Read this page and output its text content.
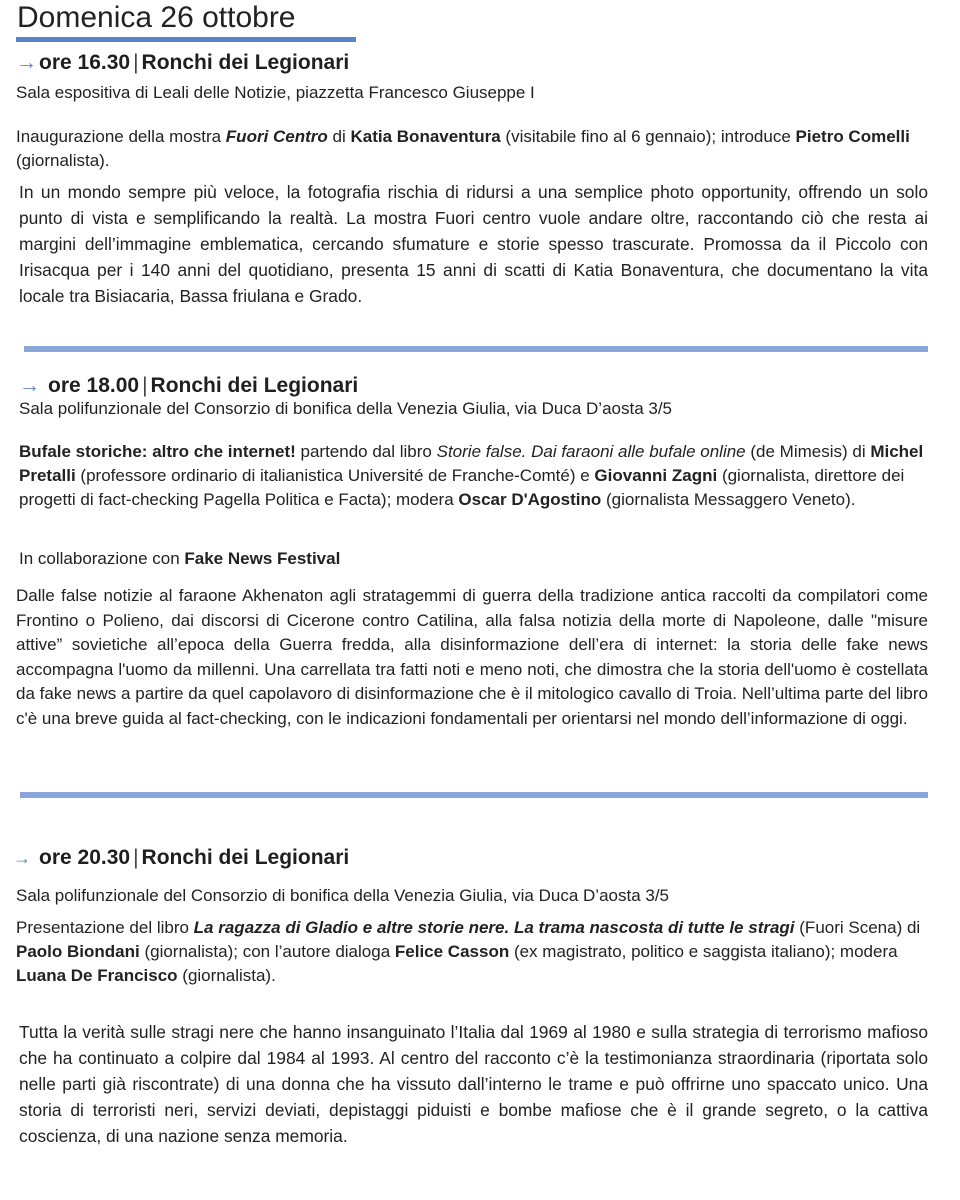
Domenica 26 ottobre
→ore 16.30 | Ronchi dei Legionari
Sala espositiva di Leali delle Notizie, piazzetta Francesco Giuseppe I
Inaugurazione della mostra Fuori Centro di Katia Bonaventura (visitabile fino al 6 gennaio); introduce Pietro Comelli (giornalista).
In un mondo sempre più veloce, la fotografia rischia di ridursi a una semplice photo opportunity, offrendo un solo punto di vista e semplificando la realtà. La mostra Fuori centro vuole andare oltre, raccontando ciò che resta ai margini dell’immagine emblematica, cercando sfumature e storie spesso trascurate. Promossa da il Piccolo con Irisacqua per i 140 anni del quotidiano, presenta 15 anni di scatti di Katia Bonaventura, che documentano la vita locale tra Bisiacaria, Bassa friulana e Grado.
→ ore 18.00 | Ronchi dei Legionari
Sala polifunzionale del Consorzio di bonifica della Venezia Giulia, via Duca D’aosta 3/5
Bufale storiche: altro che internet! partendo dal libro Storie false. Dai faraoni alle bufale online (de Mimesis) di Michel Pretalli (professore ordinario di italianistica Université de Franche-Comté) e Giovanni Zagni (giornalista, direttore dei progetti di fact-checking Pagella Politica e Facta); modera Oscar D'Agostino (giornalista Messaggero Veneto).
In collaborazione con Fake News Festival
Dalle false notizie al faraone Akhenaton agli stratagemmi di guerra della tradizione antica raccolti da compilatori come Frontino o Polieno, dai discorsi di Cicerone contro Catilina, alla falsa notizia della morte di Napoleone, dalle "misure attive” sovietiche all’epoca della Guerra fredda, alla disinformazione dell’era di internet: la storia delle fake news accompagna l'uomo da millenni. Una carrellata tra fatti noti e meno noti, che dimostra che la storia dell'uomo è costellata da fake news a partire da quel capolavoro di disinformazione che è il mitologico cavallo di Troia. Nell’ultima parte del libro c'è una breve guida al fact-checking, con le indicazioni fondamentali per orientarsi nel mondo dell’informazione di oggi.
→ ore 20.30 | Ronchi dei Legionari
Sala polifunzionale del Consorzio di bonifica della Venezia Giulia, via Duca D’aosta 3/5
Presentazione del libro La ragazza di Gladio e altre storie nere. La trama nascosta di tutte le stragi (Fuori Scena) di Paolo Biondani (giornalista); con l’autore dialoga Felice Casson (ex magistrato, politico e saggista italiano); modera Luana De Francisco (giornalista).
Tutta la verità sulle stragi nere che hanno insanguinato l’Italia dal 1969 al 1980 e sulla strategia di terrorismo mafioso che ha continuato a colpire dal 1984 al 1993. Al centro del racconto c’è la testimonianza straordinaria (riportata solo nelle parti già riscontrate) di una donna che ha vissuto dall’interno le trame e può offrirne uno spaccato unico. Una storia di terroristi neri, servizi deviati, depistaggi piduisti e bombe mafiose che è il grande segreto, o la cattiva coscienza, di una nazione senza memoria.
